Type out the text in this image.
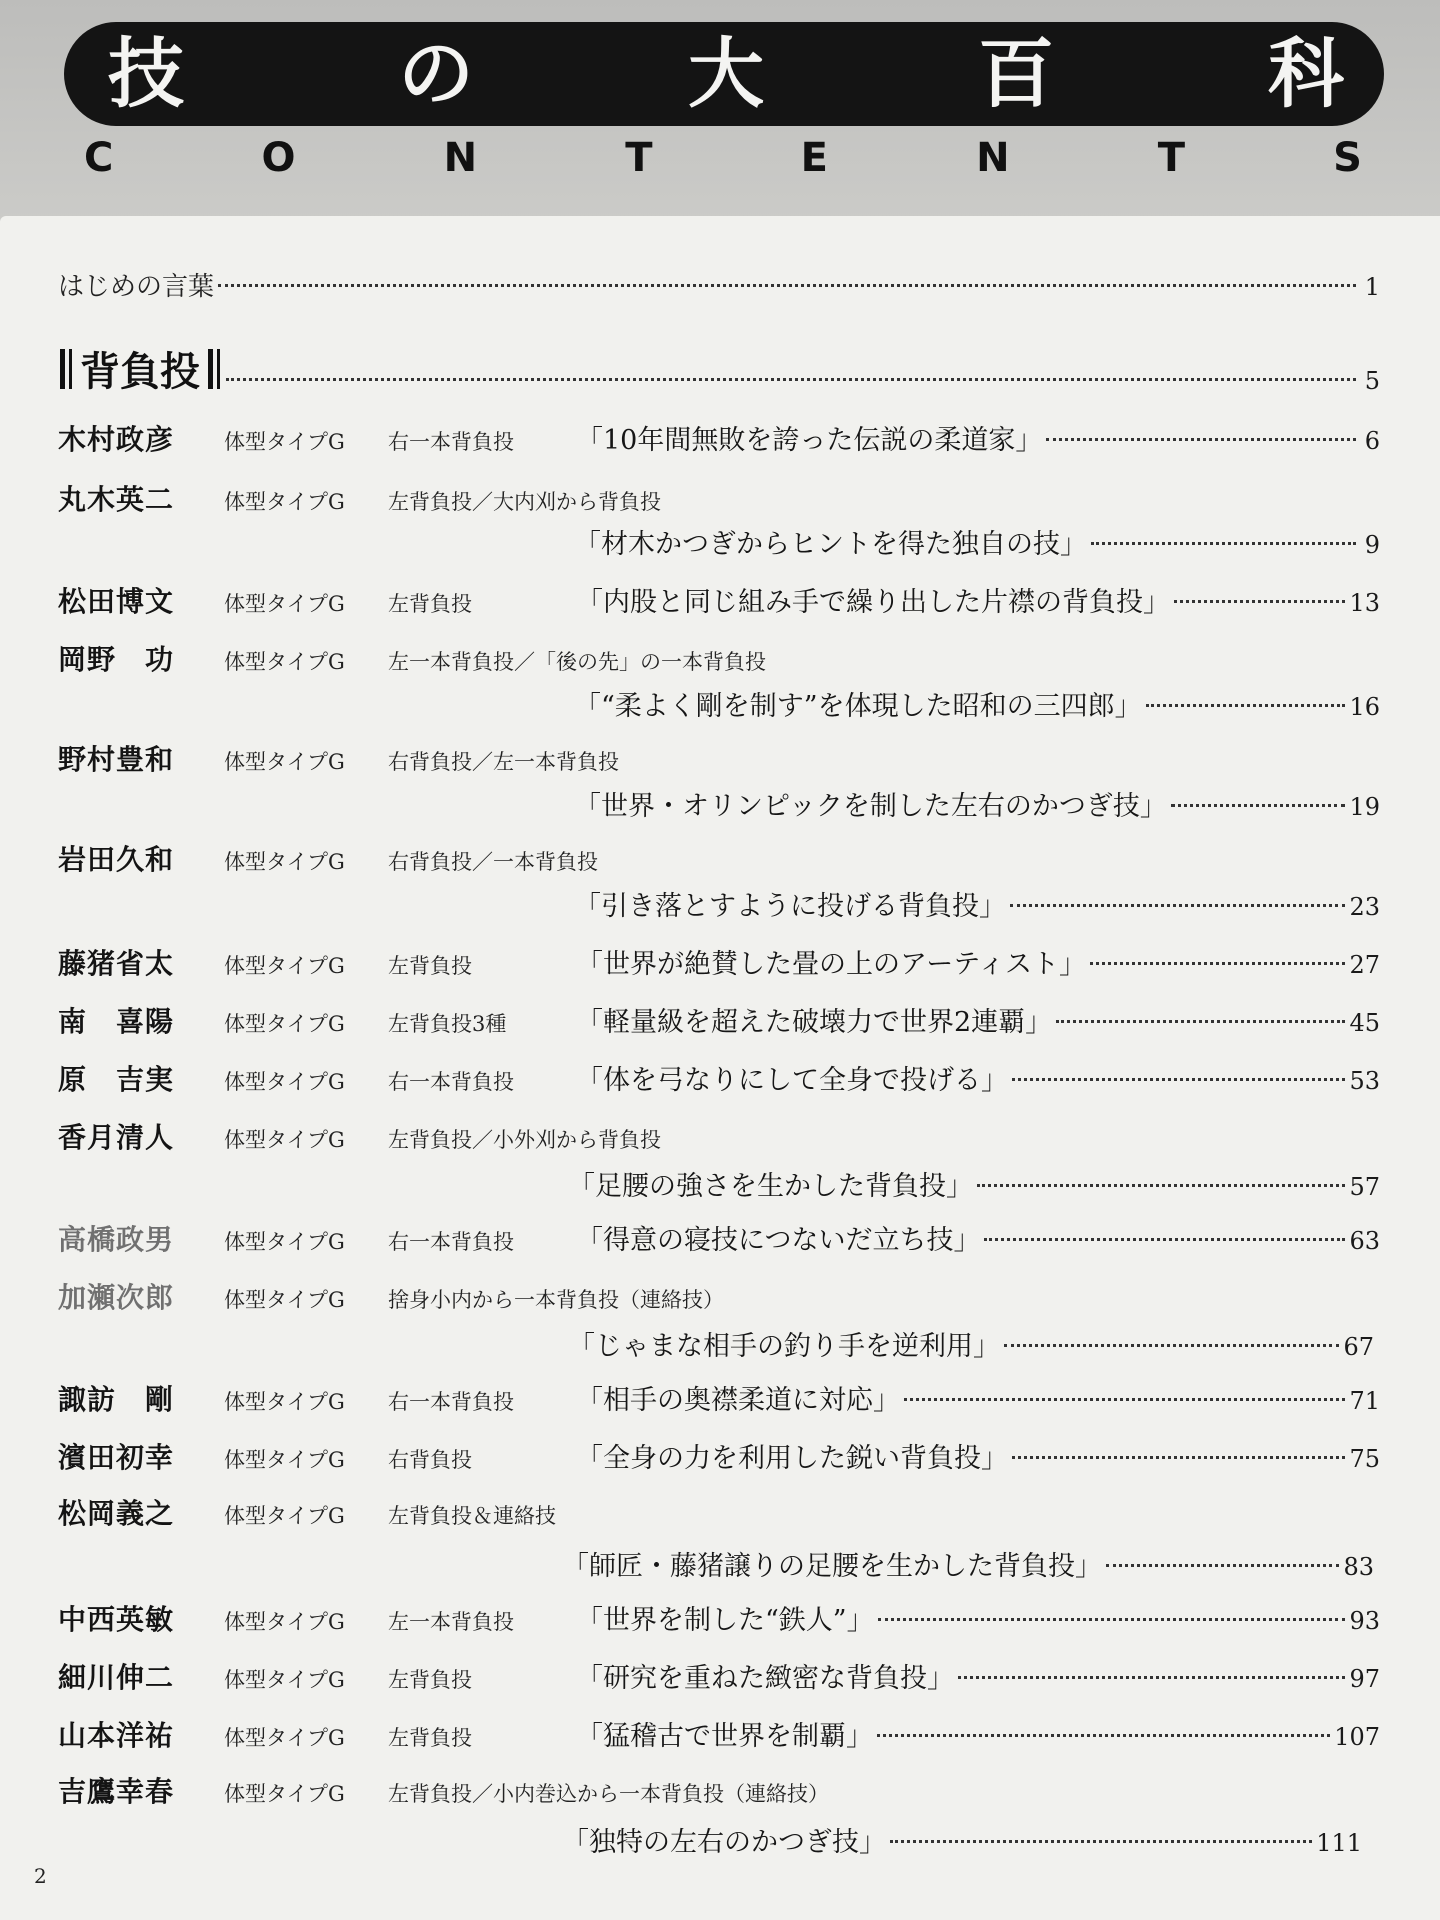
技	の	大	百	科
C	O	N	T	E	N	T	S
はじめの言葉	1
背負投	5
木村政彦	体型タイプG	右一本背負投	「10年間無敗を誇った伝説の柔道家」	6
丸木英二	体型タイプG	左背負投／大内刈から背負投
「材木かつぎからヒントを得た独自の技」	9
松田博文	体型タイプG	左背負投	「内股と同じ組み手で繰り出した片襟の背負投」	13
岡野　功	体型タイプG	左一本背負投／「後の先」の一本背負投
「“柔よく剛を制す”を体現した昭和の三四郎」	16
野村豊和	体型タイプG	右背負投／左一本背負投
「世界・オリンピックを制した左右のかつぎ技」	19
岩田久和	体型タイプG	右背負投／一本背負投
「引き落とすように投げる背負投」	23
藤猪省太	体型タイプG	左背負投	「世界が絶賛した畳の上のアーティスト」	27
南　喜陽	体型タイプG	左背負投3種	「軽量級を超えた破壊力で世界2連覇」	45
原　吉実	体型タイプG	右一本背負投	「体を弓なりにして全身で投げる」	53
香月清人	体型タイプG	左背負投／小外刈から背負投
「足腰の強さを生かした背負投」	57
高橋政男	体型タイプG	右一本背負投	「得意の寝技につないだ立ち技」	63
加瀬次郎	体型タイプG	捨身小内から一本背負投（連絡技）
「じゃまな相手の釣り手を逆利用」	67
諏訪　剛	体型タイプG	右一本背負投	「相手の奥襟柔道に対応」	71
濱田初幸	体型タイプG	右背負投	「全身の力を利用した鋭い背負投」	75
松岡義之	体型タイプG	左背負投＆連絡技
「師匠・藤猪譲りの足腰を生かした背負投」	83
中西英敏	体型タイプG	左一本背負投	「世界を制した“鉄人”」	93
細川伸二	体型タイプG	左背負投	「研究を重ねた緻密な背負投」	97
山本洋祐	体型タイプG	左背負投	「猛稽古で世界を制覇」	107
吉鷹幸春	体型タイプG	左背負投／小内巻込から一本背負投（連絡技）
「独特の左右のかつぎ技」	111
2
